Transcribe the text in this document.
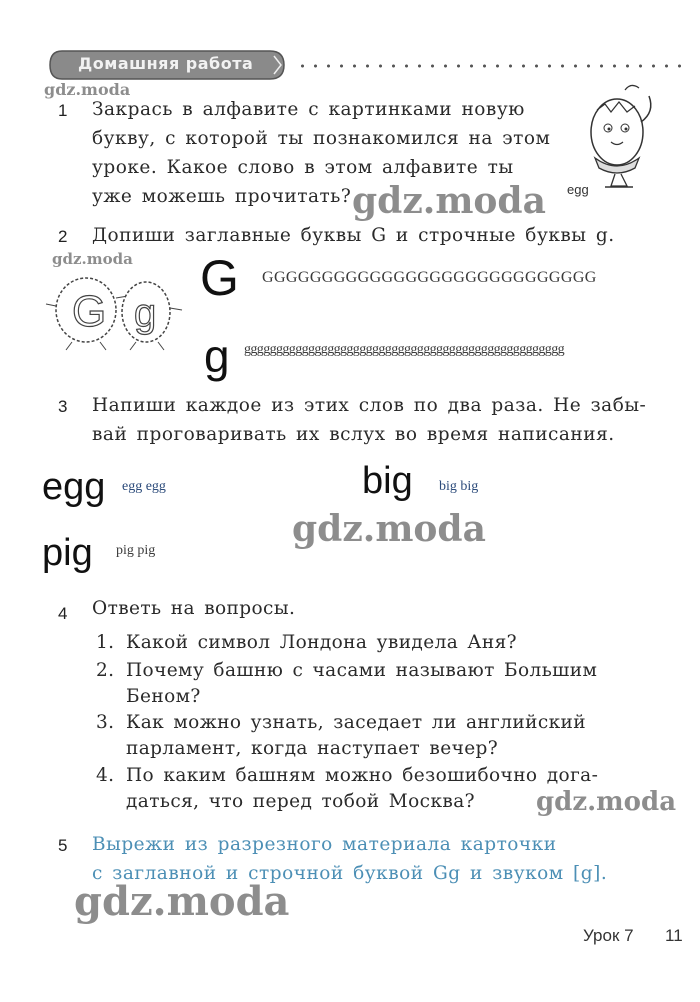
Домашняя работа
gdz.moda
1 Закрась в алфавите с картинками новую
букву, с которой ты познакомился на этом
уроке. Какое слово в этом алфавите ты
уже можешь прочитать?	egg
gdz.moda
2 Допиши заглавные буквы G и строчные буквы g.
gdz.moda
G g
G GGGGGGGGGGGGGGGGGGGGGGGGGGGG
g gggggggggggggggggggggggggggggggggggggggggggggggggg
3 Напиши каждое из этих слов по два раза. Не забы-
вай проговаривать их вслух во время написания.
egg egg egg	big big big
gdz.moda
pig pig pig
4 Ответь на вопросы.
1. Какой символ Лондона увидела Аня?
2. Почему башню с часами называют Большим
Беном?
3. Как можно узнать, заседает ли английский
парламент, когда наступает вечер?
4. По каким башням можно безошибочно дога-
даться, что перед тобой Москва? gdz.moda
5 Вырежи из разрезного материала карточки
с заглавной и строчной буквой Gg и звуком [g].
gdz.moda
Урок 7 11
